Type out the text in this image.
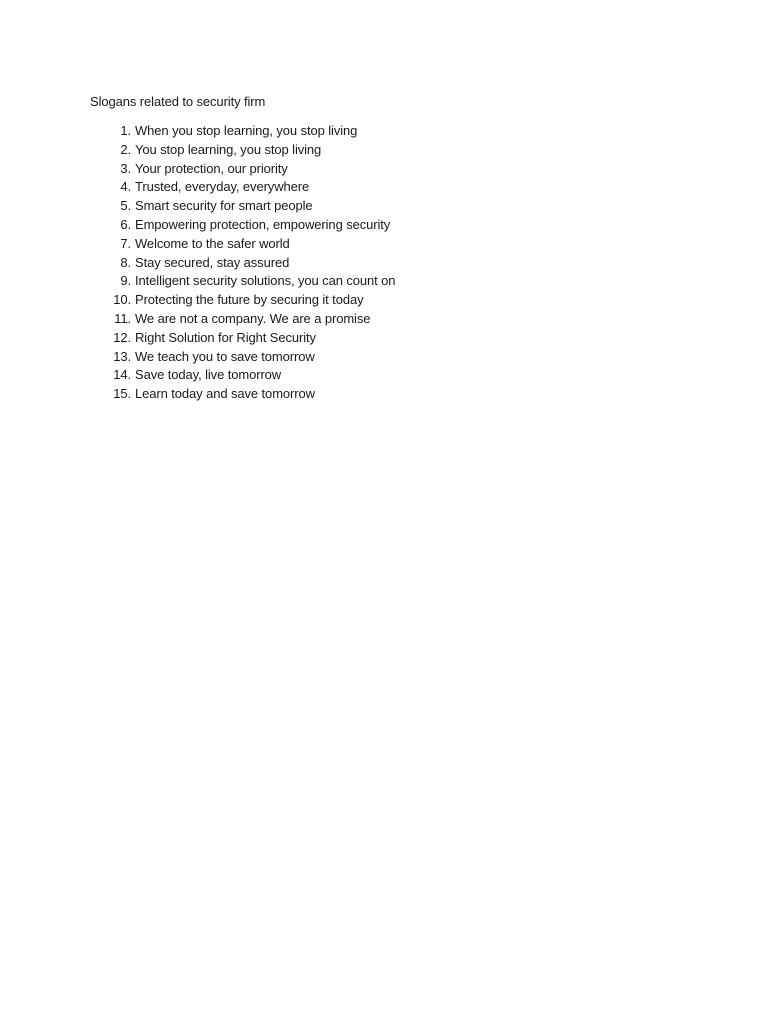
Slogans related to security firm
1. When you stop learning, you stop living
2. You stop learning, you stop living
3. Your protection, our priority
4. Trusted, everyday, everywhere
5. Smart security for smart people
6. Empowering protection, empowering security
7. Welcome to the safer world
8. Stay secured, stay assured
9. Intelligent security solutions, you can count on
10. Protecting the future by securing it today
11. We are not a company. We are a promise
12. Right Solution for Right Security
13. We teach you to save tomorrow
14. Save today, live tomorrow
15. Learn today and save tomorrow
